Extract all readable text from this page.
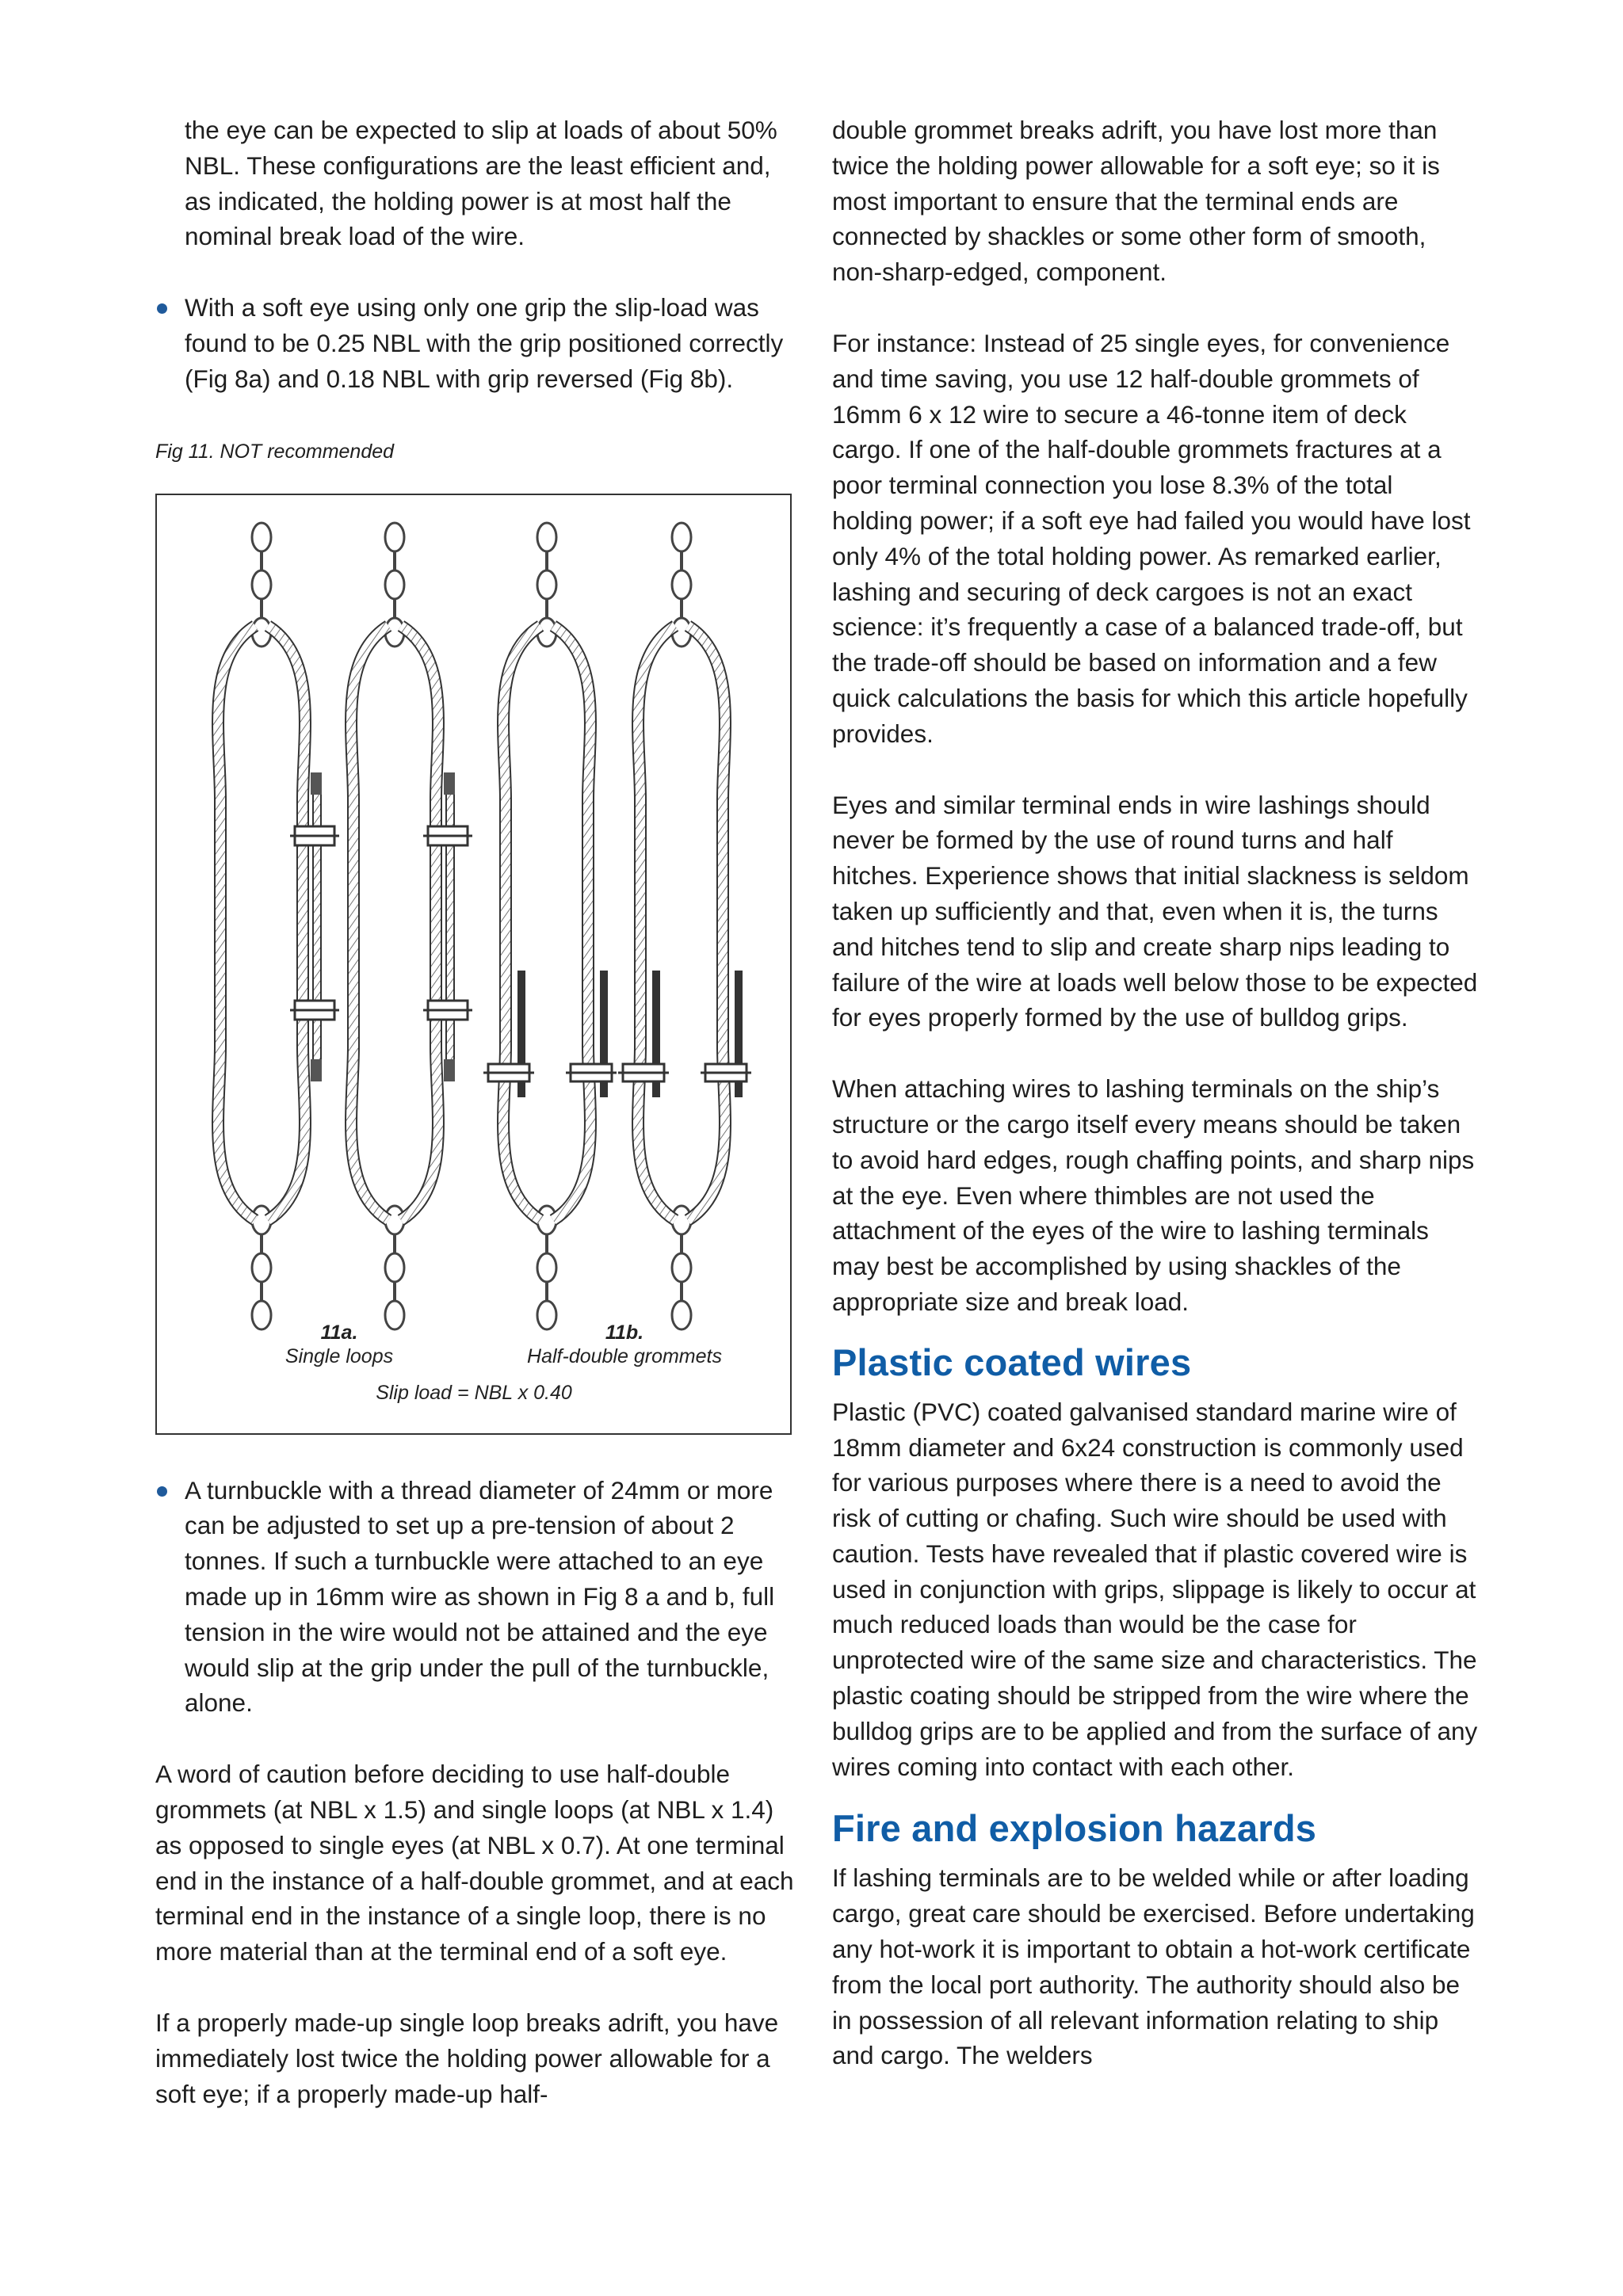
the eye can be expected to slip at loads of about 50% NBL. These configurations are the least efficient and, as indicated, the holding power is at most half the nominal break load of the wire.

With a soft eye using only one grip the slip-load was found to be 0.25 NBL with the grip positioned correctly (Fig 8a) and 0.18 NBL with grip reversed (Fig 8b).

Fig 11. NOT recommended

11a.
Single loops
11b.
Half-double grommets
Slip load = NBL x 0.40

A turnbuckle with a thread diameter of 24mm or more can be adjusted to set up a pre-tension of about 2 tonnes. If such a turnbuckle were attached to an eye made up in 16mm wire as shown in Fig 8 a and b, full tension in the wire would not be attained and the eye would slip at the grip under the pull of the turnbuckle, alone.

A word of caution before deciding to use half-double grommets (at NBL x 1.5) and single loops (at NBL x 1.4) as opposed to single eyes (at NBL x 0.7). At one terminal end in the instance of a half-double grommet, and at each terminal end in the instance of a single loop, there is no more material than at the terminal end of a soft eye.

If a properly made-up single loop breaks adrift, you have immediately lost twice the holding power allowable for a soft eye; if a properly made-up half-

double grommet breaks adrift, you have lost more than twice the holding power allowable for a soft eye; so it is most important to ensure that the terminal ends are connected by shackles or some other form of smooth, non-sharp-edged, component.

For instance: Instead of 25 single eyes, for convenience and time saving, you use 12 half-double grommets of 16mm 6 x 12 wire to secure a 46-tonne item of deck cargo. If one of the half-double grommets fractures at a poor terminal connection you lose 8.3% of the total holding power; if a soft eye had failed you would have lost only 4% of the total holding power. As remarked earlier, lashing and securing of deck cargoes is not an exact science: it’s frequently a case of a balanced trade-off, but the trade-off should be based on information and a few quick calculations the basis for which this article hopefully provides.

Eyes and similar terminal ends in wire lashings should never be formed by the use of round turns and half hitches. Experience shows that initial slackness is seldom taken up sufficiently and that, even when it is, the turns and hitches tend to slip and create sharp nips leading to failure of the wire at loads well below those to be expected for eyes properly formed by the use of bulldog grips.

When attaching wires to lashing terminals on the ship’s structure or the cargo itself every means should be taken to avoid hard edges, rough chaffing points, and sharp nips at the eye. Even where thimbles are not used the attachment of the eyes of the wire to lashing terminals may best be accomplished by using shackles of the appropriate size and break load.

Plastic coated wires

Plastic (PVC) coated galvanised standard marine wire of 18mm diameter and 6x24 construction is commonly used for various purposes where there is a need to avoid the risk of cutting or chafing. Such wire should be used with caution. Tests have revealed that if plastic covered wire is used in conjunction with grips, slippage is likely to occur at much reduced loads than would be the case for unprotected wire of the same size and characteristics. The plastic coating should be stripped from the wire where the bulldog grips are to be applied and from the surface of any wires coming into contact with each other.

Fire and explosion hazards

If lashing terminals are to be welded while or after loading cargo, great care should be exercised. Before undertaking any hot-work it is important to obtain a hot-work certificate from the local port authority. The authority should also be in possession of all relevant information relating to ship and cargo. The welders
